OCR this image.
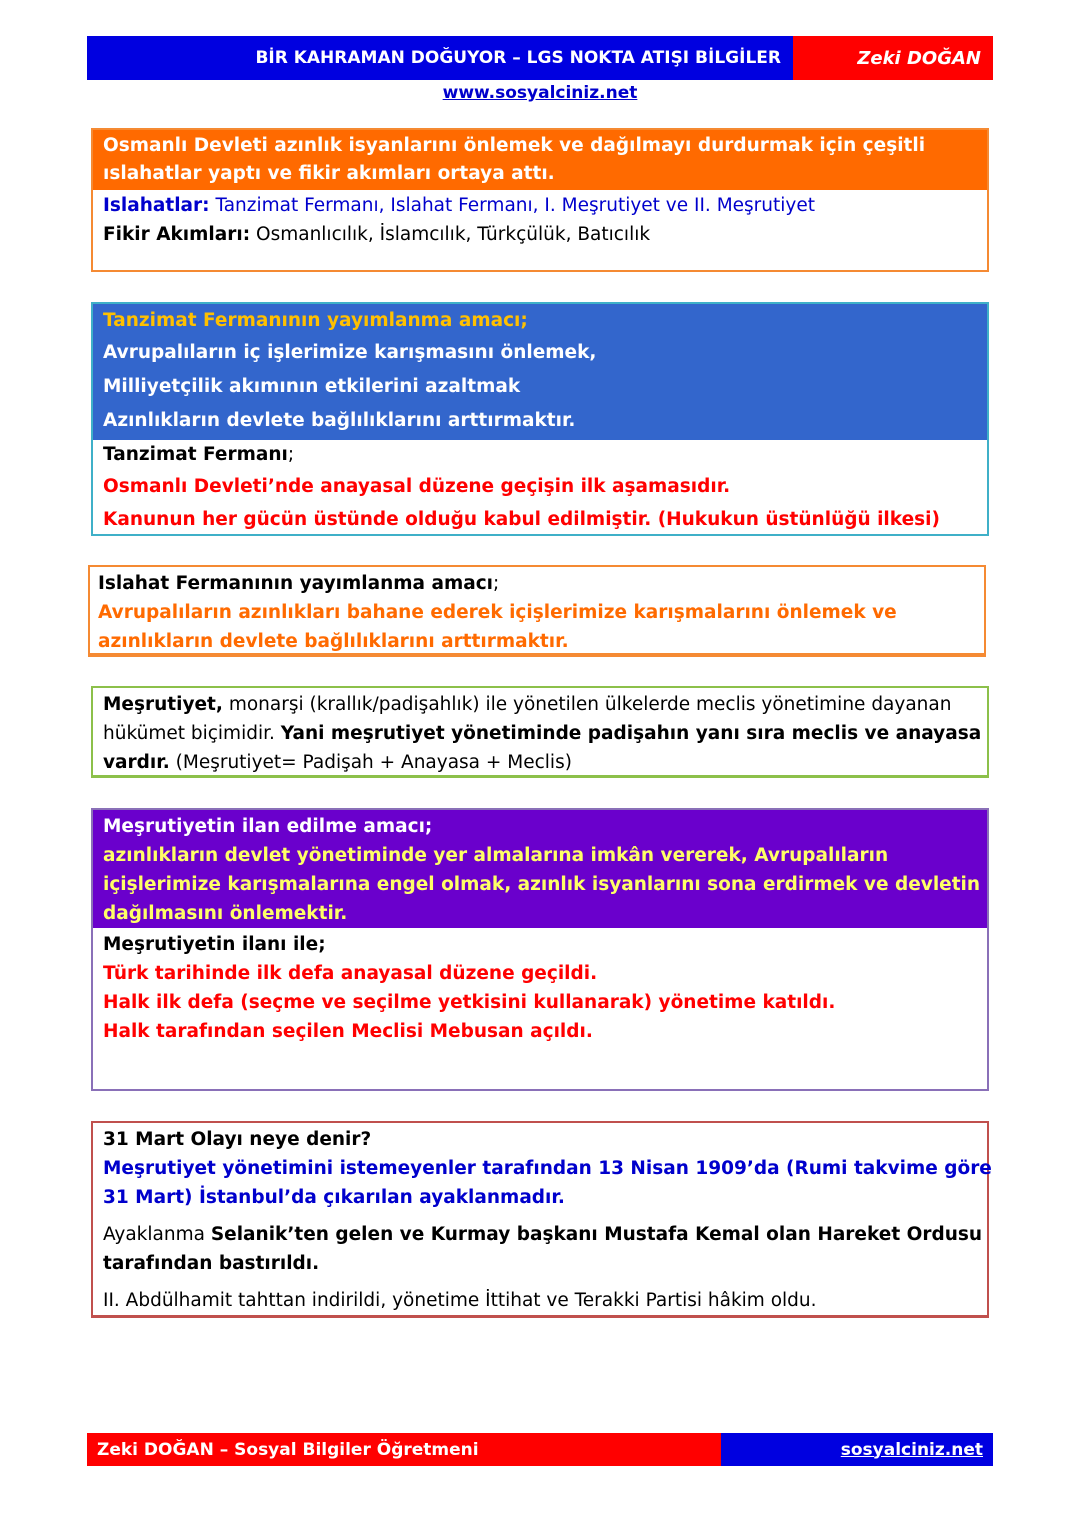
BİR KAHRAMAN DOĞUYOR – LGS NOKTA ATIŞI BİLGİLER	Zeki DOĞAN
www.sosyalciniz.net
Osmanlı Devleti azınlık isyanlarını önlemek ve dağılmayı durdurmak için çeşitli
ıslahatlar yaptı ve fikir akımları ortaya attı.
Islahatlar: Tanzimat Fermanı, Islahat Fermanı, I. Meşrutiyet ve II. Meşrutiyet
Fikir Akımları: Osmanlıcılık, İslamcılık, Türkçülük, Batıcılık
Tanzimat Fermanının yayımlanma amacı;
Avrupalıların iç işlerimize karışmasını önlemek,
Milliyetçilik akımının etkilerini azaltmak
Azınlıkların devlete bağlılıklarını arttırmaktır.
Tanzimat Fermanı;
Osmanlı Devleti’nde anayasal düzene geçişin ilk aşamasıdır.
Kanunun her gücün üstünde olduğu kabul edilmiştir. (Hukukun üstünlüğü ilkesi)
Islahat Fermanının yayımlanma amacı;
Avrupalıların azınlıkları bahane ederek içişlerimize karışmalarını önlemek ve
azınlıkların devlete bağlılıklarını arttırmaktır.
Meşrutiyet, monarşi (krallık/padişahlık) ile yönetilen ülkelerde meclis yönetimine dayanan
hükümet biçimidir. Yani meşrutiyet yönetiminde padişahın yanı sıra meclis ve anayasa
vardır. (Meşrutiyet= Padişah + Anayasa + Meclis)
Meşrutiyetin ilan edilme amacı;
azınlıkların devlet yönetiminde yer almalarına imkân vererek, Avrupalıların
içişlerimize karışmalarına engel olmak, azınlık isyanlarını sona erdirmek ve devletin
dağılmasını önlemektir.
Meşrutiyetin ilanı ile;
Türk tarihinde ilk defa anayasal düzene geçildi.
Halk ilk defa (seçme ve seçilme yetkisini kullanarak) yönetime katıldı.
Halk tarafından seçilen Meclisi Mebusan açıldı.
31 Mart Olayı neye denir?
Meşrutiyet yönetimini istemeyenler tarafından 13 Nisan 1909’da (Rumi takvime göre
31 Mart) İstanbul’da çıkarılan ayaklanmadır.
Ayaklanma Selanik’ten gelen ve Kurmay başkanı Mustafa Kemal olan Hareket Ordusu
tarafından bastırıldı.
II. Abdülhamit tahttan indirildi, yönetime İttihat ve Terakki Partisi hâkim oldu.
Zeki DOĞAN – Sosyal Bilgiler Öğretmeni	sosyalciniz.net
